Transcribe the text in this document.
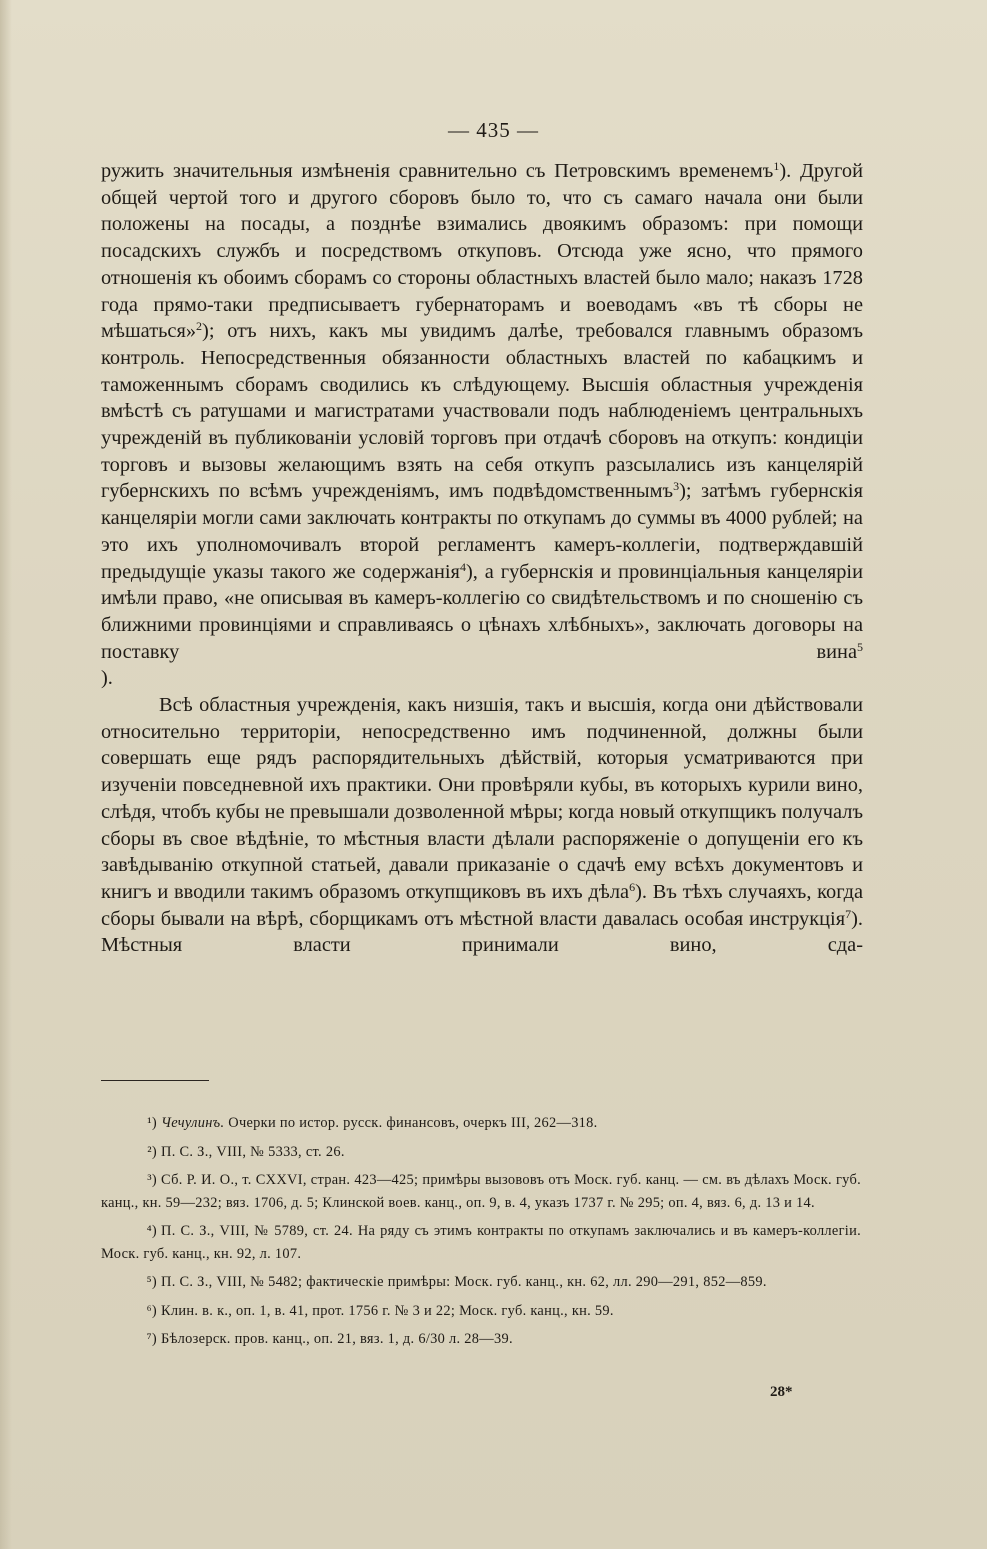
— 435 —

ружить значительныя измѣненія сравнительно съ Петровскимъ временемъ$^1$). Другой общей чертой того и другого сборовъ было то, что съ самаго начала они были положены на посады, а позднѣе взимались двоякимъ образомъ: при помощи посадскихъ службъ и посредствомъ откуповъ. Отсюда уже ясно, что прямого отношенія къ обоимъ сборамъ со стороны областныхъ властей было мало; наказъ 1728 года прямо-таки предписываетъ губернаторамъ и воеводамъ «въ тѣ сборы не мѣшаться»$^2$); отъ нихъ, какъ мы увидимъ далѣе, требовался главнымъ образомъ контроль. Непосредственныя обязанности областныхъ властей по кабацкимъ и таможеннымъ сборамъ сводились къ слѣдующему. Высшія областныя учрежденія вмѣстѣ съ ратушами и магистратами участвовали подъ наблюденіемъ центральныхъ учрежденій въ публикованіи условій торговъ при отдачѣ сборовъ на откупъ: кондиціи торговъ и вызовы желающимъ взять на себя откупъ разсылались изъ канцелярій губернскихъ по всѣмъ учрежденіямъ, имъ подвѣдомственнымъ$^3$); затѣмъ губернскія канцеляріи могли сами заключать контракты по откупамъ до суммы въ 4000 рублей; на это ихъ уполномочивалъ второй регламентъ камеръ-коллегіи, подтверждавшій предыдущіе указы такого же содержанія$^4$), а губернскія и провинціальныя канцеляріи имѣли право, «не описывая въ камеръ-коллегію со свидѣтельствомъ и по сношенію съ ближними провинціями и справливаясь о цѣнахъ хлѣбныхъ», заключать договоры на поставку вина$^5$

).

Всѣ областныя учрежденія, какъ низшія, такъ и высшія, когда они дѣйствовали относительно территоріи, непосредственно имъ подчиненной, должны были совершать еще рядъ распорядительныхъ дѣйствій, которыя усматриваются при изученіи повседневной ихъ практики. Они провѣряли кубы, въ которыхъ курили вино, слѣдя, чтобъ кубы не превышали дозволенной мѣры; когда новый откупщикъ получалъ сборы въ свое вѣдѣніе, то мѣстныя власти дѣлали распоряженіе о допущеніи его къ завѣдыванію откупной статьей, давали приказаніе о сдачѣ ему всѣхъ документовъ и книгъ и вводили такимъ образомъ откупщиковъ въ ихъ дѣла$^6$). Въ тѣхъ случаяхъ, когда сборы бывали на вѣрѣ, сборщикамъ отъ мѣстной власти давалась особая инструкція$^7$). Мѣстныя власти принимали вино, сда-

¹) Чечулинъ. Очерки по истор. русск. финансовъ, очеркъ III, 262—318.

²) П. С. З., VIII, № 5333, ст. 26.

³) Сб. Р. И. О., т. CXXVI, стран. 423—425; примѣры вызововъ отъ Моск. губ. канц. — см. въ дѣлахъ Моск. губ. канц., кн. 59—232; вяз. 1706, д. 5; Клинской воев. канц., оп. 9, в. 4, указъ 1737 г. № 295; оп. 4, вяз. 6, д. 13 и 14.

⁴) П. С. З., VIII, № 5789, ст. 24. На ряду съ этимъ контракты по откупамъ заключались и въ камеръ-коллегіи. Моск. губ. канц., кн. 92, л. 107.

⁵) П. С. З., VIII, № 5482; фактическіе примѣры: Моск. губ. канц., кн. 62, лл. 290—291, 852—859.

⁶) Клин. в. к., оп. 1, в. 41, прот. 1756 г. № 3 и 22; Моск. губ. канц., кн. 59.

⁷) Бѣлозерск. пров. канц., оп. 21, вяз. 1, д. 6/30 л. 28—39.

28*
